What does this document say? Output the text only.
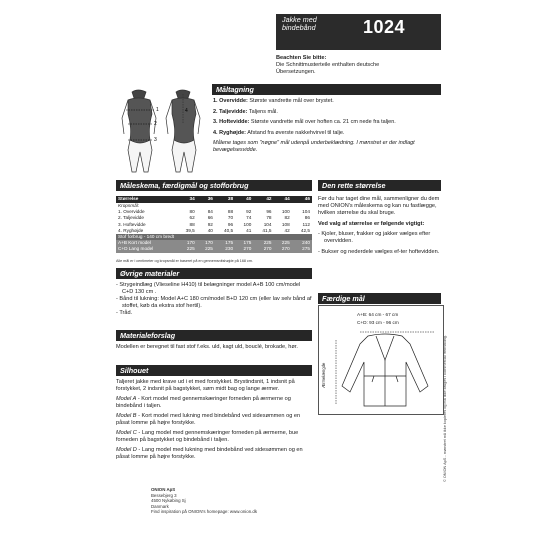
Jakke med
bindebånd	1024
Beachten Sie bitte:
Die Schnittmusterteile enthalten deutsche
Übersetzungen.
Måltagning
1
2
3
4
1. Overvidde: Største vandrette mål over brystet.
2. Taljevidde: Taljens mål.
3. Hoftevidde: Største vandrette mål over hoften ca. 21 cm nede fra taljen.
4. Ryghøjde: Afstand fra øverste nakkehvirvel til talje.
Målene tages som "nøgne" mål udenpå underbeklædning. I mønstret er der indlagt bevægelsesvidde.
Måleskema, færdigmål og stofforbrug
Størrelse	34	36	38	40	42	44	46
Kropsmål:							
1. Overvidde	80	84	88	92	96	100	104
2. Taljevidde	62	66	70	74	78	82	86
3. Hoftevidde	88	92	96	100	104	108	112
4. Ryghøjde	39,5	40	40,5	41	41,5	42	42,5
Stof forbrug - 140 cm bredt							
A+B Kort model	170	170	175	175	225	225	240
C+D Lang model	225	225	230	270	270	270	275
Alle mål er i centimeter og kropsmål er baseret på en gennemsnitshøjde på 168 cm.
Øvrige materialer
- Strygeindlæg (Vlieseline H410) til belægninger model A+B 100 cm/model C+D 130 cm .
- Bånd til lukning: Model A+C 180 cm/model B+D 120 cm (eller lav selv bånd af stoffet, køb da ekstra stof hertil).
- Tråd.
Materialeforslag
Modellen er beregnet til fast stof f.eks. uld, kagt uld, bouclé, brokade, hør.
Silhouet

Taljeret jakke med krave ud i et med forstykket. Brystindsnit, 1 indsnit på forstykket, 2 indsnit på bagstykket, søm midt bag og lange ærmer.

Model A - Kort model med gennemskæringer forneden på ærmerne og bindebånd i taljen.

Model B - Kort model med lukning med bindebånd ved sidesømmen og en påsat lomme på højre forstykke.

Model C - Lang model med gennemskæringer forneden på ærmerne, bue forneden på bagstykket og bindebånd i taljen.

Model D - Lang model med lukning med bindebånd ved sidesømmen og en påsat lomme på højre forstykke.

Den rette størrelse

Før du har taget dine mål, sammenligner du dem med ONION's måleskema og kan nu fastlægge, hvilken størrelse du skal bruge.

Ved valg af størrelse er følgende vigtigt:

- Kjoler, bluser, frakker og jakker vælges efter overvidden.

- Bukser og nederdele vælges ef-ter hoftevidden.

Færdige mål
A+B: 64 cm - 67 cm
C+D: 93 cm - 96 cm
Ærmelængde
ONION ApS
Bessebjerg 3
4500 Nykøbing Sj
Danmark
Find inspiration på ONION's homepage: www.onion.dk
© ONION ApS - mønstret må ikke kopieres og må ikke bruges i kommercial fremstilling.
